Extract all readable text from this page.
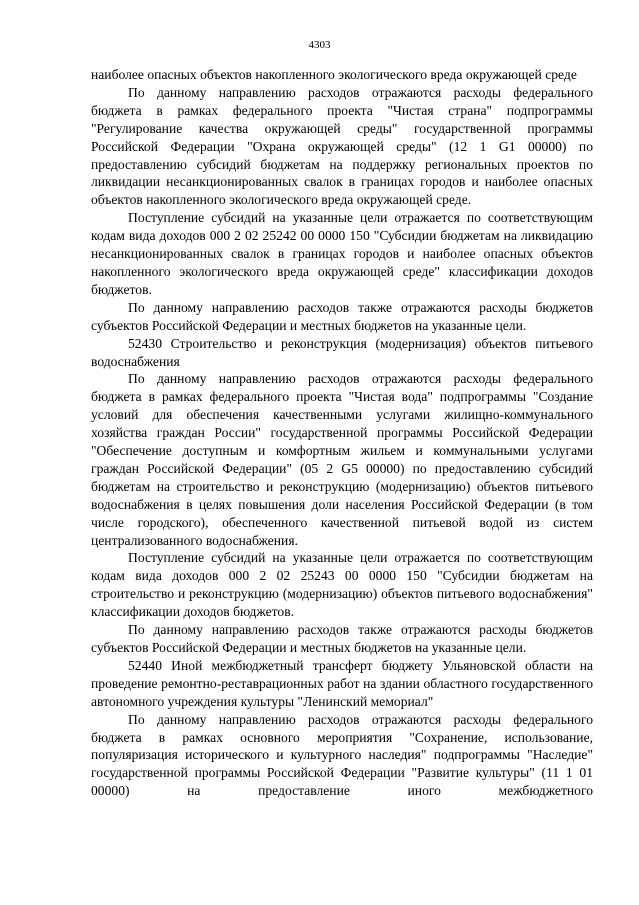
4303

наиболее опасных объектов накопленного экологического вреда окружающей среде

По данному направлению расходов отражаются расходы федерального бюджета в рамках федерального проекта "Чистая страна" подпрограммы "Регулирование качества окружающей среды" государственной программы Российской Федерации "Охрана окружающей среды" (12 1 G1 00000) по предоставлению субсидий бюджетам на поддержку региональных проектов по ликвидации несанкционированных свалок в границах городов и наиболее опасных объектов накопленного экологического вреда окружающей среде.

Поступление субсидий на указанные цели отражается по соответствующим кодам вида доходов 000 2 02 25242 00 0000 150 "Субсидии бюджетам на ликвидацию несанкционированных свалок в границах городов и наиболее опасных объектов накопленного экологического вреда окружающей среде" классификации доходов бюджетов.

По данному направлению расходов также отражаются расходы бюджетов субъектов Российской Федерации и местных бюджетов на указанные цели.

52430 Строительство и реконструкция (модернизация) объектов питьевого водоснабжения

По данному направлению расходов отражаются расходы федерального бюджета в рамках федерального проекта "Чистая вода" подпрограммы "Создание условий для обеспечения качественными услугами жилищно-коммунального хозяйства граждан России" государственной программы Российской Федерации "Обеспечение доступным и комфортным жильем и коммунальными услугами граждан Российской Федерации" (05 2 G5 00000) по предоставлению субсидий бюджетам на строительство и реконструкцию (модернизацию) объектов питьевого водоснабжения в целях повышения доли населения Российской Федерации (в том числе городского), обеспеченного качественной питьевой водой из систем централизованного водоснабжения.

Поступление субсидий на указанные цели отражается по соответствующим кодам вида доходов 000 2 02 25243 00 0000 150 "Субсидии бюджетам на строительство и реконструкцию (модернизацию) объектов питьевого водоснабжения" классификации доходов бюджетов.

По данному направлению расходов также отражаются расходы бюджетов субъектов Российской Федерации и местных бюджетов на указанные цели.

52440 Иной межбюджетный трансферт бюджету Ульяновской области на проведение ремонтно-реставрационных работ на здании областного государственного автономного учреждения культуры "Ленинский мемориал"

По данному направлению расходов отражаются расходы федерального бюджета в рамках основного мероприятия "Сохранение, использование, популяризация исторического и культурного наследия" подпрограммы "Наследие" государственной программы Российской Федерации "Развитие культуры" (11 1 01 00000) на предоставление иного межбюджетного
